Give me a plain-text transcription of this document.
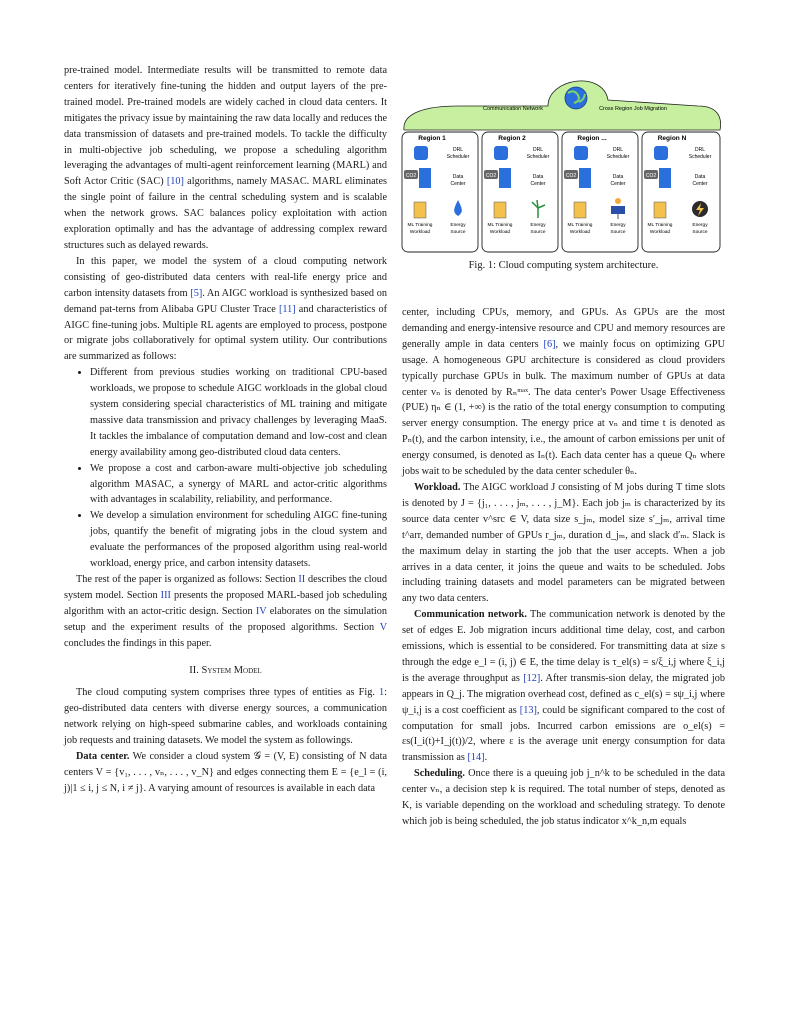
pre-trained model. Intermediate results will be transmitted to remote data centers for iteratively fine-tuning the hidden and output layers of the pre-trained model. Pre-trained models are widely cached in cloud data centers. It mitigates the privacy issue by maintaining the raw data locally and reduces the data transmission of datasets and pre-trained models. To tackle the difficulty in multi-objective job scheduling, we propose a scheduling algorithm leveraging the advantages of multi-agent reinforcement learning (MARL) and Soft Actor Critic (SAC) [10] algorithms, namely MASAC. MARL eliminates the single point of failure in the central scheduling system and is scalable when the network grows. SAC balances policy exploitation with action exploration optimally and has the advantage of addressing complex reward structures such as delayed rewards.

In this paper, we model the system of a cloud computing network consisting of geo-distributed data centers with real-life energy price and carbon intensity datasets from [5]. An AIGC workload is synthesized based on demand pat-terns from Alibaba GPU Cluster Trace [11] and characteristics of AIGC fine-tuning jobs. Multiple RL agents are employed to process, postpone or migrate jobs collaboratively for optimal system utility. Our contributions are summarized as follows:

• Different from previous studies working on traditional CPU-based workloads, we propose to schedule AIGC workloads in the global cloud system considering special characteristics of ML training and mitigate massive data transmission and privacy challenges by leveraging MaaS. It tackles the imbalance of computation demand and low-cost and clean energy availability among geo-distributed cloud data centers.
• We propose a cost and carbon-aware multi-objective job scheduling algorithm MASAC, a synergy of MARL and actor-critic algorithms with advantages in scalability, reliability, and performance.
• We develop a simulation environment for scheduling AIGC fine-tuning jobs, quantify the benefit of migrating jobs in the cloud system and evaluate the performances of the proposed algorithm using real-world workload, energy price, and carbon intensity datasets.

The rest of the paper is organized as follows: Section II describes the cloud system model. Section III presents the proposed MARL-based job scheduling algorithm with an actor-critic design. Section IV elaborates on the simulation setup and the experiment results of the proposed algorithms. Section V concludes the findings in this paper.

II. System Model

The cloud computing system comprises three types of entities as Fig. 1: geo-distributed data centers with diverse energy sources, a communication network relying on high-speed submarine cables, and workloads containing job requests and training datasets. We model the system as followings.

Data center. We consider a cloud system 𝒢 = (V, E) consisting of N data centers V = {v₁, . . . , vₙ, . . . , v_N} and edges connecting them E = {e_l = (i, j)|1 ≤ i, j ≤ N, i ≠ j}. A varying amount of resources is available in each data

center, including CPUs, memory, and GPUs. As GPUs are the most demanding and energy-intensive resource and CPU and memory resources are generally ample in data centers [6], we mainly focus on optimizing GPU usage. A homogeneous GPU architecture is considered as cloud providers typically purchase GPUs in bulk. The maximum number of GPUs at data center vₙ is denoted by Rₙᵐᵃˣ. The data center's Power Usage Effectiveness (PUE) ηₙ ∈ (1, +∞) is the ratio of the total energy consumption to computing server energy consumption. The energy price at vₙ and time t is denoted as Pₙ(t), and the carbon intensity, i.e., the amount of carbon emissions per unit of energy consumed, is denoted as Iₙ(t). Each data center has a queue Qₙ where jobs wait to be scheduled by the data center scheduler θₙ.

Workload. The AIGC workload J consisting of M jobs during T time slots is denoted by J = {j₁, . . . , jₘ, . . . , j_M}. Each job jₘ is characterized by its source data center v^src ∈ V, data size s_jₘ, model size s′_jₘ, arrival time t^arr, demanded number of GPUs r_jₘ, duration d_jₘ, and slack d′ₘ. Slack is the maximum delay in starting the job that the user accepts. When a job arrives in a data center, it joins the queue and waits to be scheduled. Jobs including training datasets and model parameters can be migrated between any two data centers.

Communication network. The communication network is denoted by the set of edges E. Job migration incurs additional time delay, cost, and carbon emissions, which is essential to be considered. For transmitting data at size s through the edge e_l = (i, j) ∈ E, the time delay is τ_el(s) = s/ξ_i,j where ξ_i,j is the average throughput as [12]. After transmis-sion delay, the migrated job appears in Q_j. The migration overhead cost, defined as c_el(s) = sψ_i,j where ψ_i,j is a cost coefficient as [13], could be significant compared to the cost of computation for small jobs. Incurred carbon emissions are o_el(s) = εs(I_i(t)+I_j(t))/2, where ε is the average unit energy consumption for data transmission as [14].

Scheduling. Once there is a queuing job j_n^k to be scheduled in the data center vₙ, a decision step k is required. The total number of steps, denoted as K, is variable depending on the workload and scheduling strategy. To denote which job is being scheduled, the job status indicator x^k_n,m equals

Communication Network	Cross Region Job Migration
Region 1
DRL
Scheduler
CO2	Data
Center
ML Training
Workload
Energy
Source
Region 2
DRL
Scheduler
CO2	Data
Center
ML Training
Workload
Energy
Source
Region ...
DRL
Scheduler
CO2	Data
Center
ML Training
Workload
Energy
Source
Region N
DRL
Scheduler
CO2	Data
Center
ML Training
Workload
Energy
Source
Fig. 1: Cloud computing system architecture.
